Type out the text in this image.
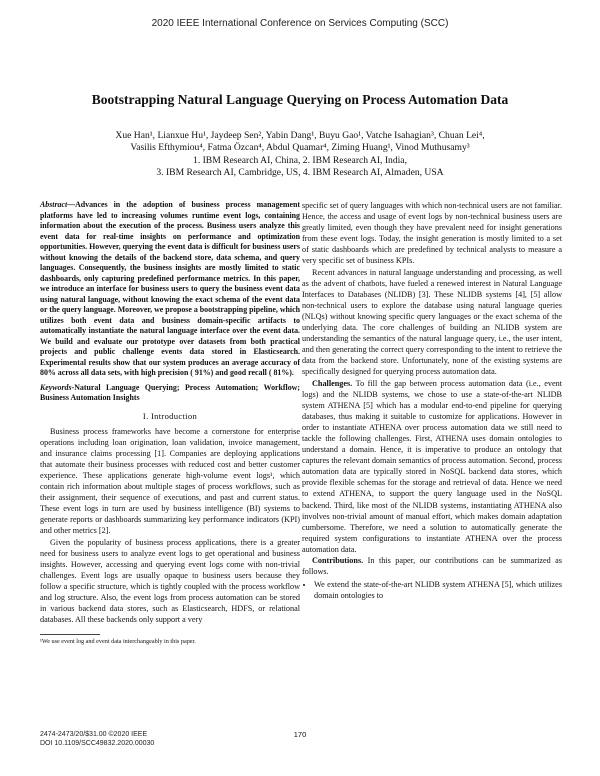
2020 IEEE International Conference on Services Computing (SCC)
Bootstrapping Natural Language Querying on Process Automation Data
Xue Han¹, Lianxue Hu¹, Jaydeep Sen², Yabin Dang¹, Buyu Gao¹, Vatche Isahagian³, Chuan Lei⁴,
Vasilis Efthymiou⁴, Fatma Özcan⁴, Abdul Quamar⁴, Ziming Huang¹, Vinod Muthusamy³
1. IBM Research AI, China, 2. IBM Research AI, India,
3. IBM Research AI, Cambridge, US, 4. IBM Research AI, Almaden, USA
Abstract—Advances in the adoption of business process management platforms have led to increasing volumes runtime event logs, containing information about the execution of the process. Business users analyze this event data for real-time insights on performance and optimization opportunities. However, querying the event data is difficult for business users without knowing the details of the backend store, data schema, and query languages. Consequently, the business insights are mostly limited to static dashboards, only capturing predefined performance metrics. In this paper, we introduce an interface for business users to query the business event data using natural language, without knowing the exact schema of the event data or the query language. Moreover, we propose a bootstrapping pipeline, which utilizes both event data and business domain-specific artifacts to automatically instantiate the natural language interface over the event data. We build and evaluate our prototype over datasets from both practical projects and public challenge events data stored in Elasticsearch. Experimental results show that our system produces an average accuracy of 80% across all data sets, with high precision ( 91%) and good recall ( 81%).
Keywords-Natural Language Querying; Process Automation; Workflow; Business Automation Insights
I. Introduction

Business process frameworks have become a cornerstone for enterprise operations including loan origination, loan validation, invoice management, and insurance claims processing [1]. Companies are deploying applications that automate their business processes with reduced cost and better customer experience. These applications generate high-volume event logs¹, which contain rich information about multiple stages of process workflows, such as their assignment, their sequence of executions, and past and current status. These event logs in turn are used by business intelligence (BI) systems to generate reports or dashboards summarizing key performance indicators (KPI) and other metrics [2].

Given the popularity of business process applications, there is a greater need for business users to analyze event logs to get operational and business insights. However, accessing and querying event logs come with non-trivial challenges. Event logs are usually opaque to business users because they follow a specific structure, which is tightly coupled with the process workflow and log structure. Also, the event logs from process automation can be stored in various backend data stores, such as Elasticsearch, HDFS, or relational databases. All these backends only support a very

¹We use event log and event data interchangeably in this paper.

specific set of query languages with which non-technical users are not familiar. Hence, the access and usage of event logs by non-technical business users are greatly limited, even though they have prevalent need for insight generations from these event logs. Today, the insight generation is mostly limited to a set of static dashboards which are predefined by technical analysts to measure a very specific set of business KPIs.

Recent advances in natural language understanding and processing, as well as the advent of chatbots, have fueled a renewed interest in Natural Language Interfaces to Databases (NLIDB) [3]. These NLIDB systems [4], [5] allow non-technical users to explore the database using natural language queries (NLQs) without knowing specific query languages or the exact schema of the underlying data. The core challenges of building an NLIDB system are understanding the semantics of the natural language query, i.e., the user intent, and then generating the correct query corresponding to the intent to retrieve the data from the backend store. Unfortunately, none of the existing systems are specifically designed for querying process automation data.

Challenges. To fill the gap between process automation data (i.e., event logs) and the NLIDB systems, we chose to use a state-of-the-art NLIDB system ATHENA [5] which has a modular end-to-end pipeline for querying databases, thus making it suitable to customize for applications. However in order to instantiate ATHENA over process automation data we still need to tackle the following challenges. First, ATHENA uses domain ontologies to understand a domain. Hence, it is imperative to produce an ontology that captures the relevant domain semantics of process automation. Second, process automation data are typically stored in NoSQL backend data stores, which provide flexible schemas for the storage and retrieval of data. Hence we need to extend ATHENA, to support the query language used in the NoSQL backend. Third, like most of the NLIDB systems, instantiating ATHENA also involves non-trivial amount of manual effort, which makes domain adaptation cumbersome. Therefore, we need a solution to automatically generate the required system configurations to instantiate ATHENA over the process automation data.

Contributions. In this paper, our contributions can be summarized as follows.

• We extend the state-of-the-art NLIDB system ATHENA [5], which utilizes domain ontologies to
2474-2473/20/$31.00 ©2020 IEEE
DOI 10.1109/SCC49832.2020.00030
170
